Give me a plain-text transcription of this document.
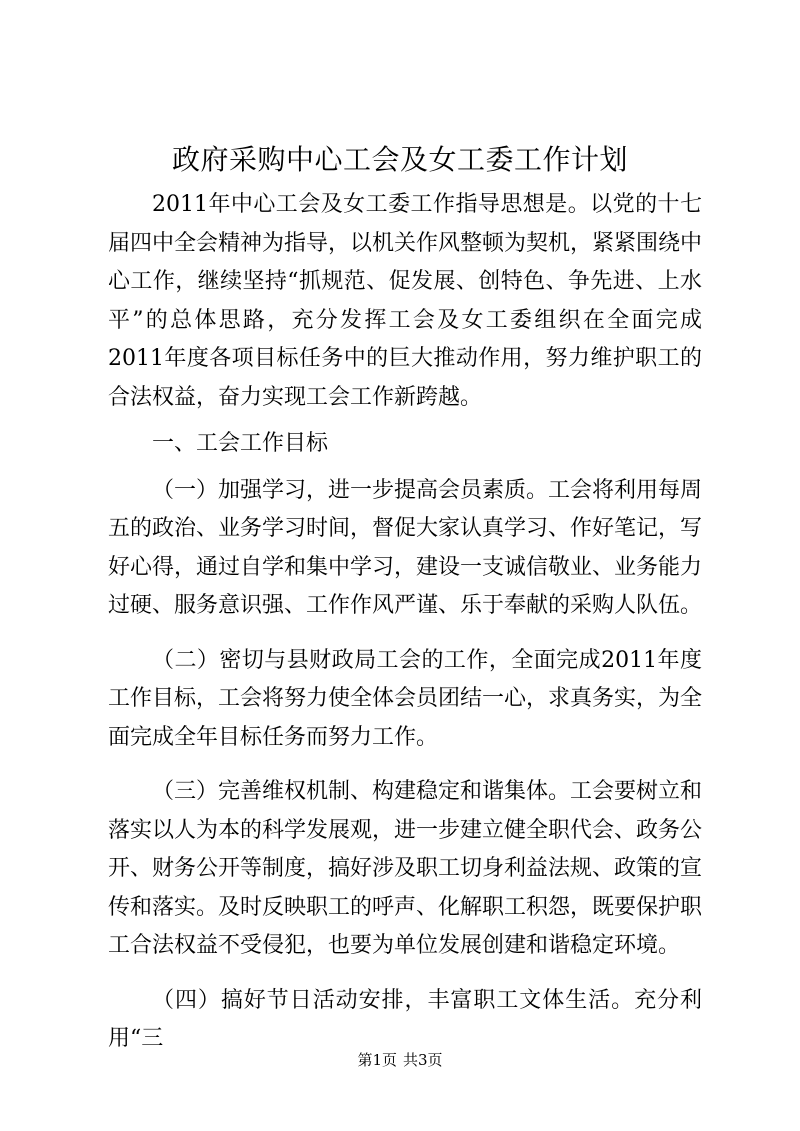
政府采购中心工会及女工委工作计划

2011年中心工会及女工委工作指导思想是。以党的十七届四中全会精神为指导，以机关作风整顿为契机，紧紧围绕中心工作，继续坚持“抓规范、促发展、创特色、争先进、上水平”的总体思路，充分发挥工会及女工委组织在全面完成2011年度各项目标任务中的巨大推动作用，努力维护职工的合法权益，奋力实现工会工作新跨越。

一、工会工作目标

（一）加强学习，进一步提高会员素质。工会将利用每周五的政治、业务学习时间，督促大家认真学习、作好笔记，写好心得，通过自学和集中学习，建设一支诚信敬业、业务能力过硬、服务意识强、工作作风严谨、乐于奉献的采购人队伍。

（二）密切与县财政局工会的工作，全面完成2011年度工作目标，工会将努力使全体会员团结一心，求真务实，为全面完成全年目标任务而努力工作。

（三）完善维权机制、构建稳定和谐集体。工会要树立和落实以人为本的科学发展观，进一步建立健全职代会、政务公开、财务公开等制度，搞好涉及职工切身利益法规、政策的宣传和落实。及时反映职工的呼声、化解职工积怨，既要保护职工合法权益不受侵犯，也要为单位发展创建和谐稳定环境。

（四）搞好节日活动安排，丰富职工文体生活。充分利用“三

第1页 共3页
